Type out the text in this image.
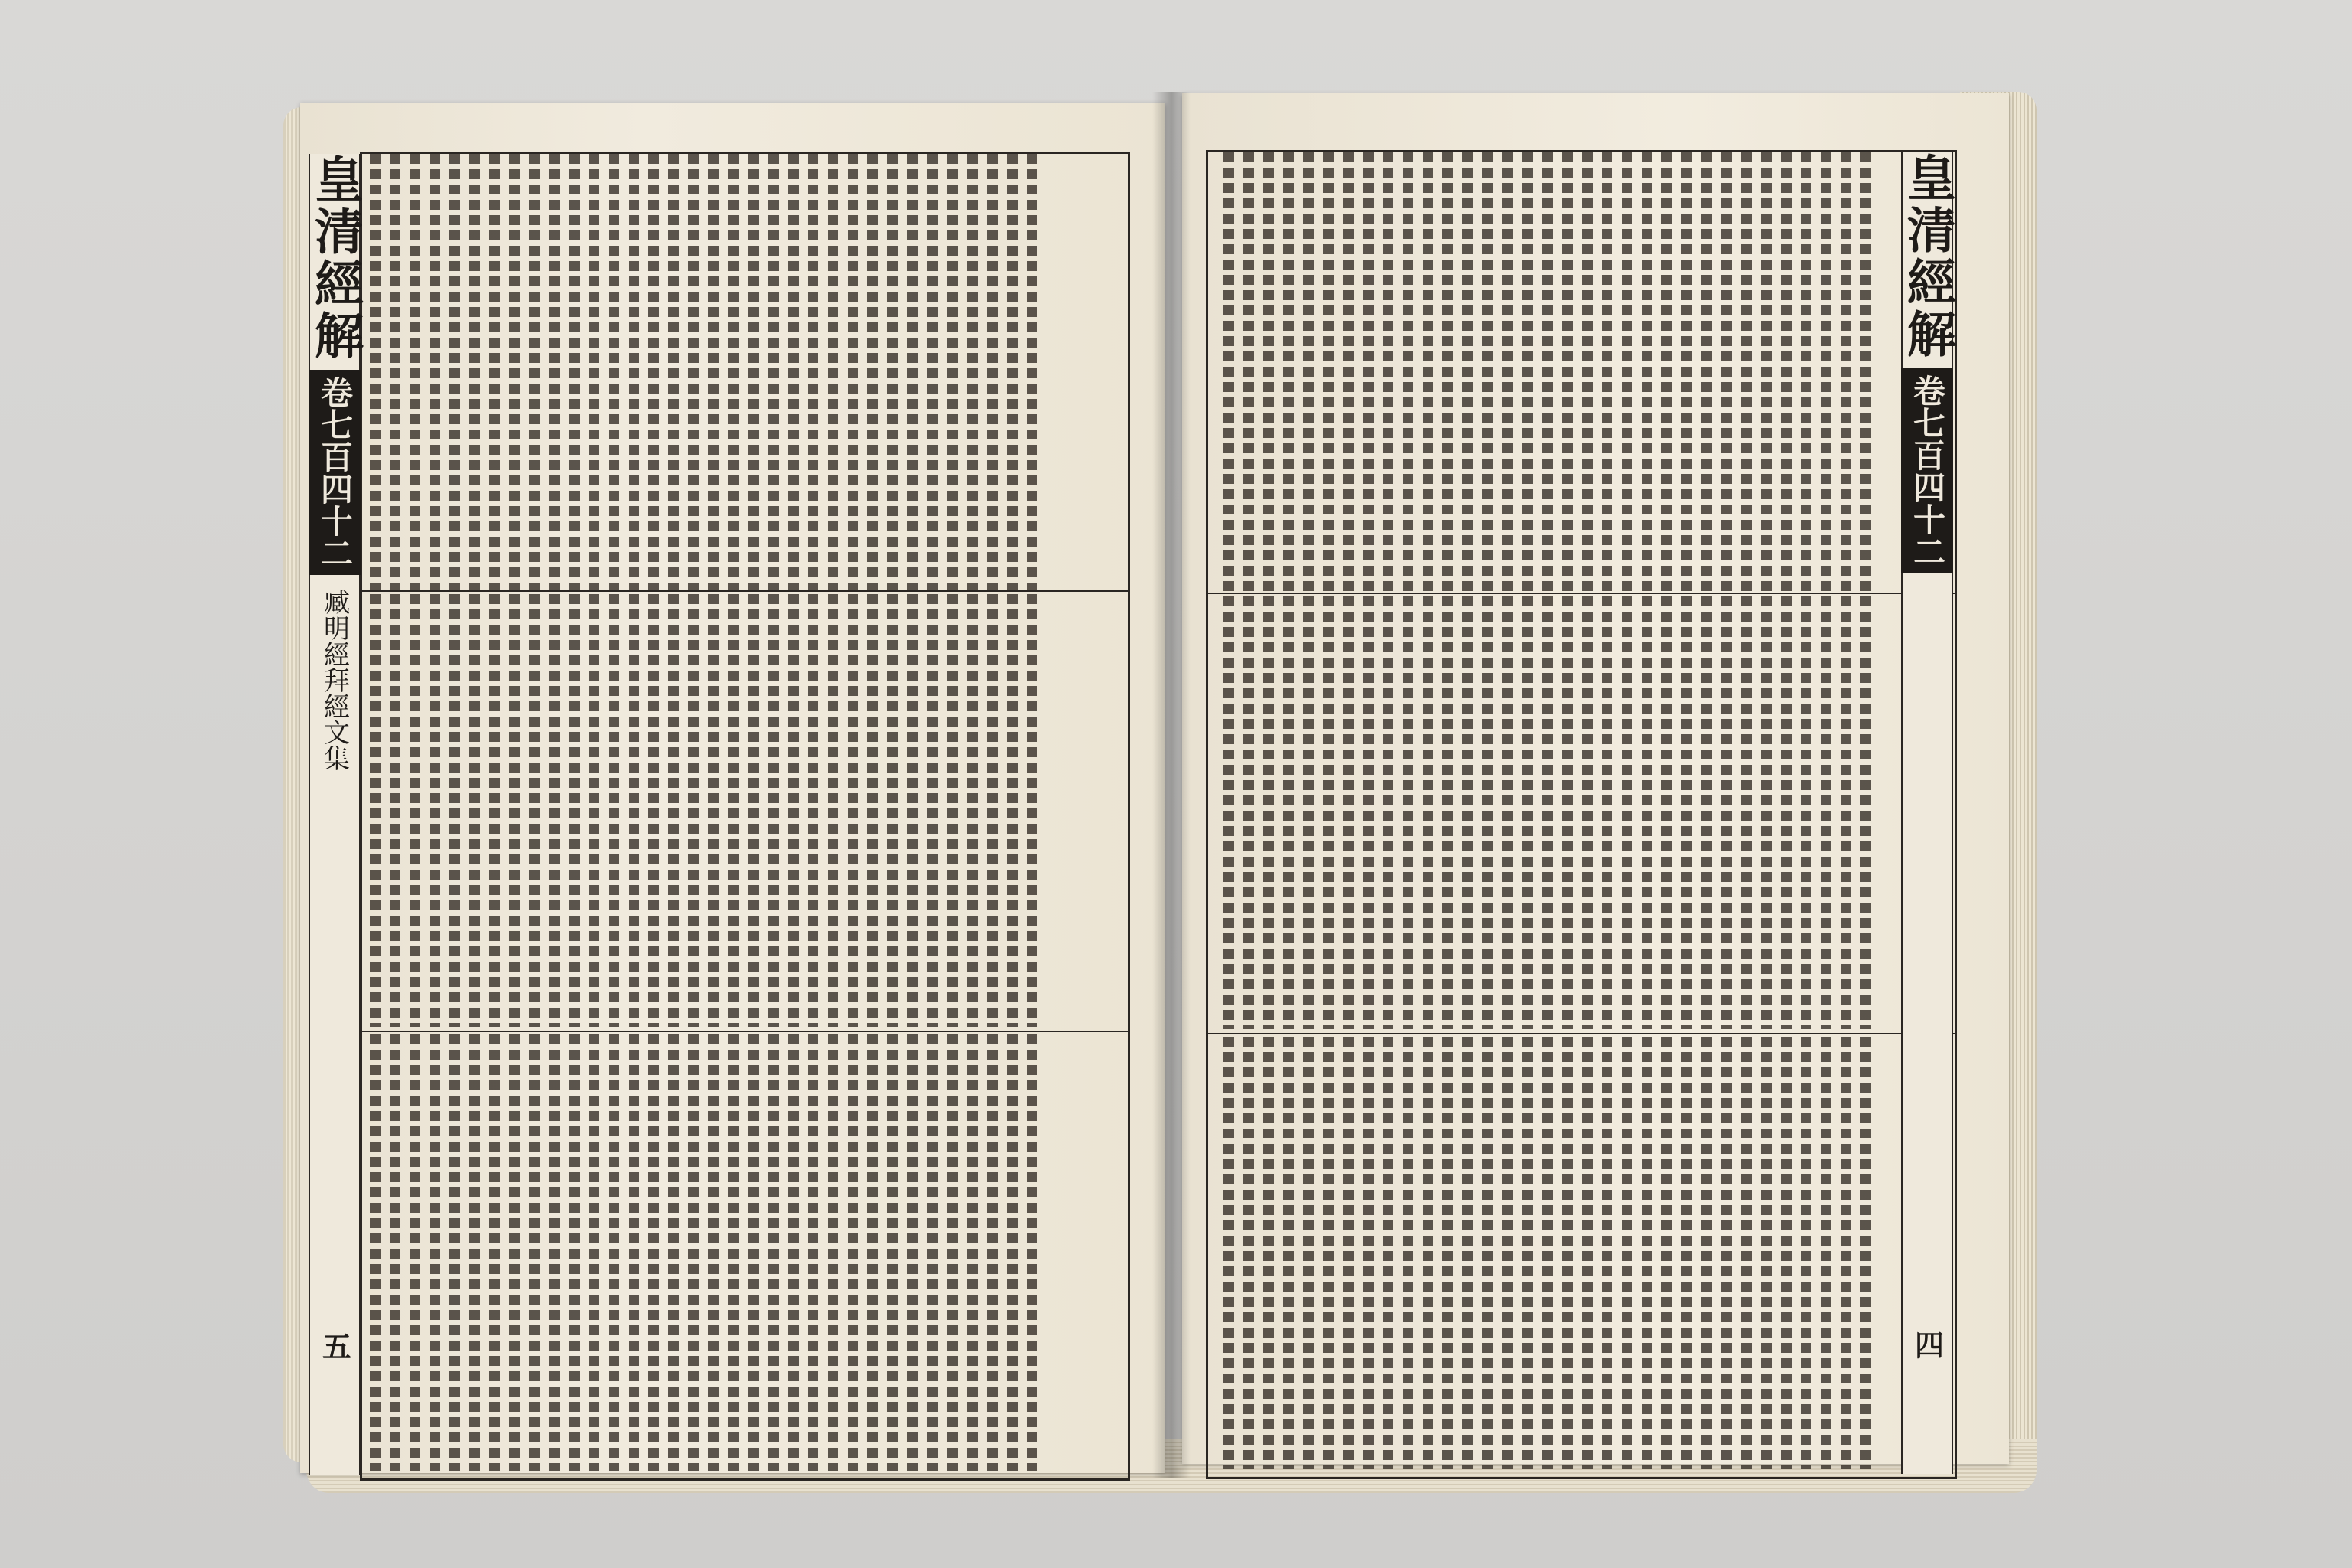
皇清經解
卷七百四十二
臧明經拜經文集
五
皇清經解
卷七百四十二
四
